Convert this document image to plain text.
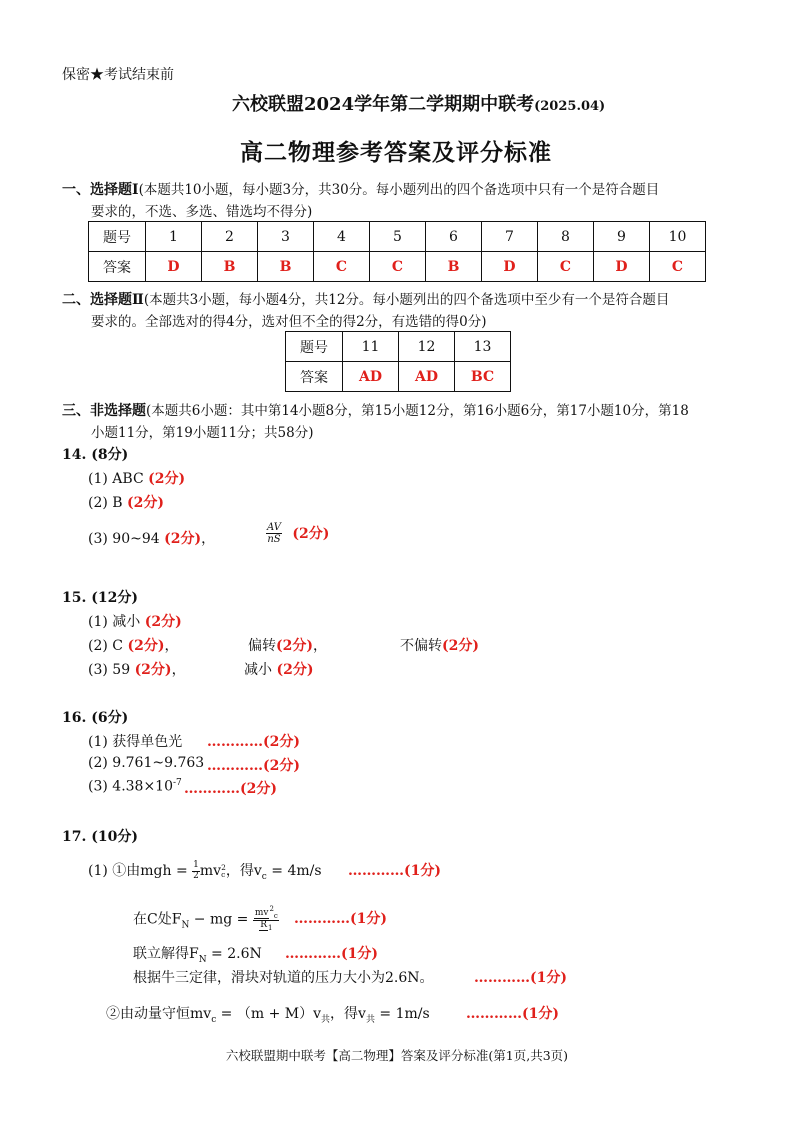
保密★考试结束前
六校联盟2024学年第二学期期中联考(2025.04)
高二物理参考答案及评分标准
一、选择题Ⅰ(本题共10小题，每小题3分，共30分。每小题列出的四个备选项中只有一个是符合题目
要求的，不选、多选、错选均不得分)
题号	1	2	3	4	5	6	7	8	9	10
答案	D	B	B	C	C	B	D	C	D	C
二、选择题Ⅱ(本题共3小题，每小题4分，共12分。每小题列出的四个备选项中至少有一个是符合题目
要求的。全部选对的得4分，选对但不全的得2分，有选错的得0分)
题号	11	12	13
答案	AD	AD	BC
三、非选择题(本题共6小题：其中第14小题8分，第15小题12分，第16小题6分，第17小题10分，第18
小题11分，第19小题11分；共58分)
14. (8分)
(1) ABC (2分)
(2) B (2分)
(3) 90~94 (2分)，	$\frac{AV}{nS} (2$分)
15. (12分)
(1) 减小 (2分)
(2) C (2分)，	偏转(2分)，	不偏转(2分)
(3) 59 (2分)，	减小 (2分)
16. (6分)
(1) 获得单色光 …………(2分)
(2) 9.761~9.763 …………(2分)
(3) $4.38\times 10^{-7}$ …………(2分)
17. (10分)
(1) ①由mgh = $\frac{1}{2}$ mv 2
c ，得$v_c = 4m/s$ …………(1分)
在C处$F_N$ − mg = $\frac{mv^2_c}{R_1}$ …………(1分)
联立解得$F_N = 2.6N$ …………(1分)
根据牛三定律，滑块对轨道的压力大小为2.6N。	…………(1分)
②由动量守恒$mv_c = (m + M)v_共$，得$v_共 = 1m/s$	…………(1分)
六校联盟期中联考【高二物理】答案及评分标准(第1页,共3页)
